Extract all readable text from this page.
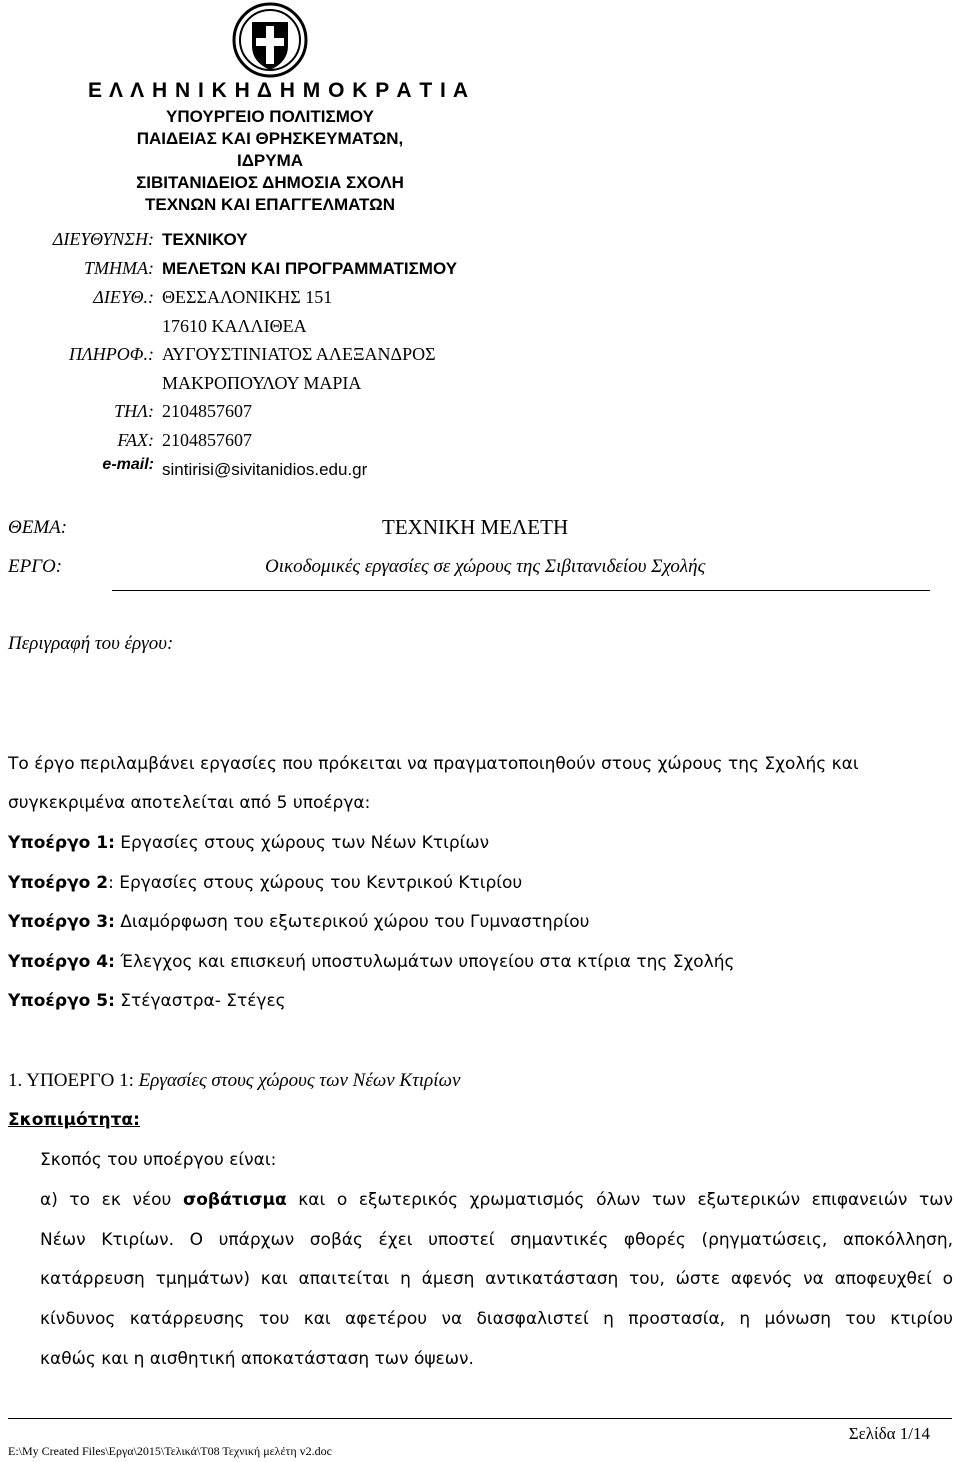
Ε Λ Λ Η Ν Ι Κ Η Δ Η Μ Ο Κ Ρ Α Τ Ι Α
ΥΠΟΥΡΓΕΙΟ ΠΟΛΙΤΙΣΜΟΥ
ΠΑΙΔΕΙΑΣ ΚΑΙ ΘΡΗΣΚΕΥΜΑΤΩΝ,
ΙΔΡΥΜΑ
ΣΙΒΙΤΑΝΙΔΕΙΟΣ ΔΗΜΟΣΙΑ ΣΧΟΛΗ
ΤΕΧΝΩΝ ΚΑΙ ΕΠΑΓΓΕΛΜΑΤΩΝ
ΔΙΕΥΘΥΝΣΗ: ΤΕΧΝΙΚΟΥ
ΤΜΗΜΑ: ΜΕΛΕΤΩΝ ΚΑΙ ΠΡΟΓΡΑΜΜΑΤΙΣΜΟΥ
ΔΙΕΥΘ.: ΘΕΣΣΑΛΟΝΙΚΗΣ 151
17610 ΚΑΛΛΙΘΕΑ
ΠΛΗΡΟΦ.: ΑΥΓΟΥΣΤΙΝΙΑΤΟΣ ΑΛΕΞΑΝΔΡΟΣ
ΜΑΚΡΟΠΟΥΛΟΥ ΜΑΡΙΑ
ΤΗΛ: 2104857607
FAX: 2104857607
e-mail: sintirisi@sivitanidios.edu.gr
ΘΕΜΑ:	ΤΕΧΝΙΚΗ ΜΕΛΕΤΗ
ΕΡΓΟ:	Οικοδομικές εργασίες σε χώρους της Σιβιτανιδείου Σχολής
Περιγραφή του έργου:
Το έργο περιλαμβάνει εργασίες που πρόκειται να πραγματοποιηθούν στους χώρους της Σχολής και
συγκεκριμένα αποτελείται από 5 υποέργα:
Υποέργο 1: Εργασίες στους χώρους των Νέων Κτιρίων
Υποέργο 2: Εργασίες στους χώρους του Κεντρικού Κτιρίου
Υποέργο 3: Διαμόρφωση του εξωτερικού χώρου του Γυμναστηρίου
Υποέργο 4: Έλεγχος και επισκευή υποστυλωμάτων υπογείου στα κτίρια της Σχολής
Υποέργο 5: Στέγαστρα- Στέγες
1. ΥΠΟΕΡΓΟ 1: Εργασίες στους χώρους των Νέων Κτιρίων
Σκοπιμότητα:
Σκοπός του υποέργου είναι:
α) το εκ νέου σοβάτισμα και ο εξωτερικός χρωματισμός όλων των εξωτερικών επιφανειών των
Νέων Κτιρίων. Ο υπάρχων σοβάς έχει υποστεί σημαντικές φθορές (ρηγματώσεις, αποκόλληση,
κατάρρευση τμημάτων) και απαιτείται η άμεση αντικατάσταση του, ώστε αφενός να αποφευχθεί ο
κίνδυνος κατάρρευσης του και αφετέρου να διασφαλιστεί η προστασία, η μόνωση του κτιρίου
καθώς και η αισθητική αποκατάσταση των όψεων.
Σελίδα 1/14
E:\My Created Files\Εργα\2015\Τελικά\Τ08 Τεχνική μελέτη v2.doc
